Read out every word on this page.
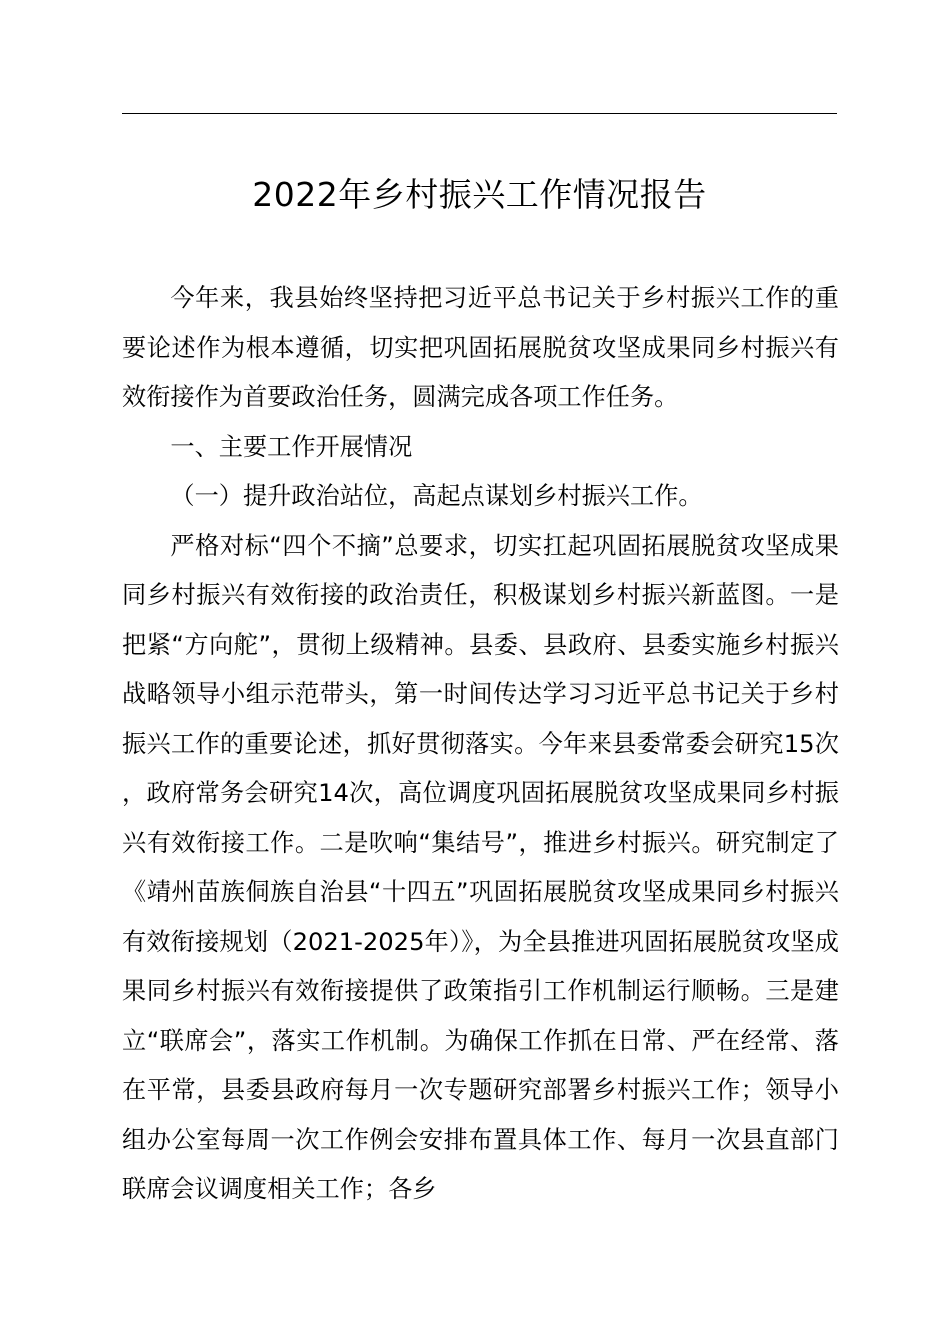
2022年乡村振兴工作情况报告

今年来，我县始终坚持把习近平总书记关于乡村振兴工作的重要论述作为根本遵循，切实把巩固拓展脱贫攻坚成果同乡村振兴有效衔接作为首要政治任务，圆满完成各项工作任务。

一、主要工作开展情况

（一）提升政治站位，高起点谋划乡村振兴工作。

严格对标“四个不摘”总要求，切实扛起巩固拓展脱贫攻坚成果同乡村振兴有效衔接的政治责任，积极谋划乡村振兴新蓝图。一是把紧“方向舵”，贯彻上级精神。县委、县政府、县委实施乡村振兴战略领导小组示范带头，第一时间传达学习习近平总书记关于乡村振兴工作的重要论述，抓好贯彻落实。今年来县委常委会研究15次，政府常务会研究14次，高位调度巩固拓展脱贫攻坚成果同乡村振兴有效衔接工作。二是吹响“集结号”，推进乡村振兴。研究制定了《靖州苗族侗族自治县“十四五”巩固拓展脱贫攻坚成果同乡村振兴有效衔接规划（2021-2025年）》，为全县推进巩固拓展脱贫攻坚成果同乡村振兴有效衔接提供了政策指引工作机制运行顺畅。三是建立“联席会”，落实工作机制。为确保工作抓在日常、严在经常、落在平常，县委县政府每月一次专题研究部署乡村振兴工作；领导小组办公室每周一次工作例会安排布置具体工作、每月一次县直部门联席会议调度相关工作；各乡
